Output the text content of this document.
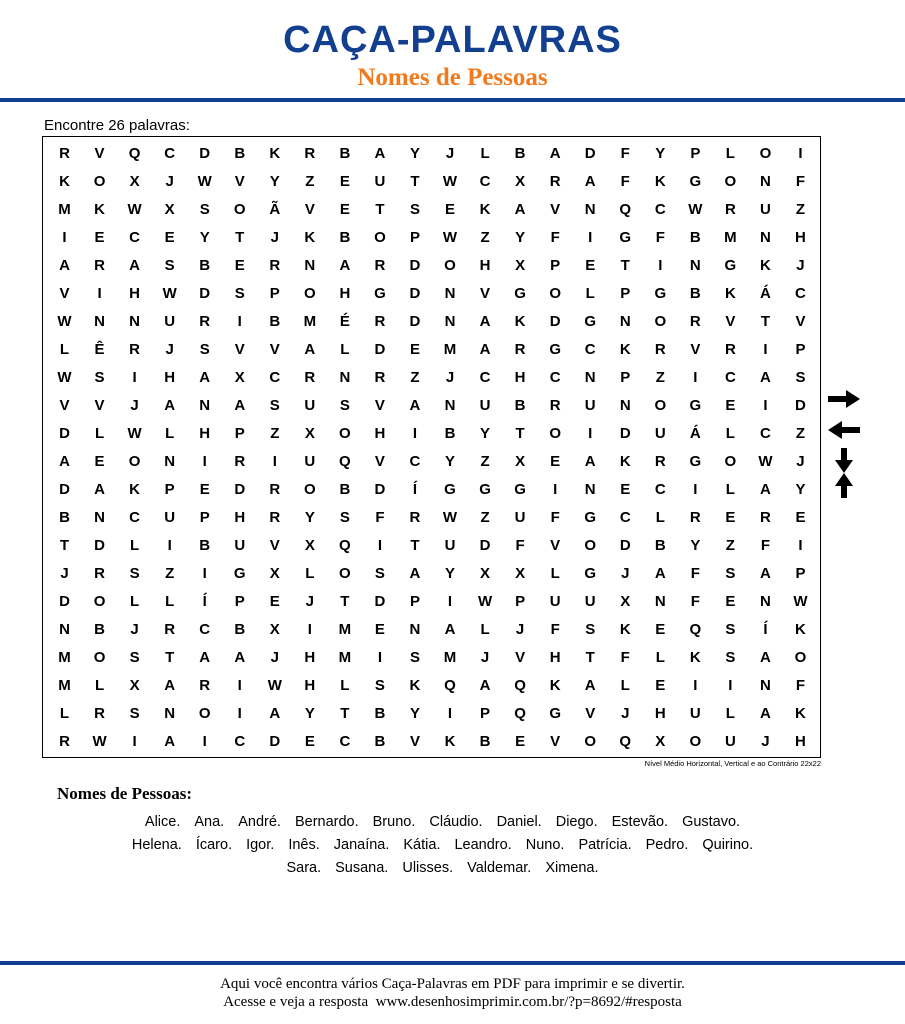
CAÇA-PALAVRAS
Nomes de Pessoas
Encontre 26 palavras:
R	V	Q	C	D	B	K	R	B	A	Y	J	L	B	A	D	F	Y	P	L	O	I
K	O	X	J	W	V	Y	Z	E	U	T	W	C	X	R	A	F	K	G	O	N	F
M	K	W	X	S	O	Ã	V	E	T	S	E	K	A	V	N	Q	C	W	R	U	Z
I	E	C	E	Y	T	J	K	B	O	P	W	Z	Y	F	I	G	F	B	M	N	H
A	R	A	S	B	E	R	N	A	R	D	O	H	X	P	E	T	I	N	G	K	J
V	I	H	W	D	S	P	O	H	G	D	N	V	G	O	L	P	G	B	K	Á	C
W	N	N	U	R	I	B	M	É	R	D	N	A	K	D	G	N	O	R	V	T	V
L	Ê	R	J	S	V	V	A	L	D	E	M	A	R	G	C	K	R	V	R	I	P
W	S	I	H	A	X	C	R	N	R	Z	J	C	H	C	N	P	Z	I	C	A	S
V	V	J	A	N	A	S	U	S	V	A	N	U	B	R	U	N	O	G	E	I	D
D	L	W	L	H	P	Z	X	O	H	I	B	Y	T	O	I	D	U	Á	L	C	Z
A	E	O	N	I	R	I	U	Q	V	C	Y	Z	X	E	A	K	R	G	O	W	J
D	A	K	P	E	D	R	O	B	D	Í	G	G	G	I	N	E	C	I	L	A	Y
B	N	C	U	P	H	R	Y	S	F	R	W	Z	U	F	G	C	L	R	E	R	E
T	D	L	I	B	U	V	X	Q	I	T	U	D	F	V	O	D	B	Y	Z	F	I
J	R	S	Z	I	G	X	L	O	S	A	Y	X	X	L	G	J	A	F	S	A	P
D	O	L	L	Í	P	E	J	T	D	P	I	W	P	U	U	X	N	F	E	N	W
N	B	J	R	C	B	X	I	M	E	N	A	L	J	F	S	K	E	Q	S	Í	K
M	O	S	T	A	A	J	H	M	I	S	M	J	V	H	T	F	L	K	S	A	O
M	L	X	A	R	I	W	H	L	S	K	Q	A	Q	K	A	L	E	I	I	N	F
L	R	S	N	O	I	A	Y	T	B	Y	I	P	Q	G	V	J	H	U	L	A	K
R	W	I	A	I	C	D	E	C	B	V	K	B	E	V	O	Q	X	O	U	J	H
Nível Médio Horizontal, Vertical e ao Contrário 22x22
Nomes de Pessoas:
Alice. Ana. André. Bernardo. Bruno. Cláudio. Daniel. Diego. Estevão. Gustavo.
Helena. Ícaro. Igor. Inês. Janaína. Kátia. Leandro. Nuno. Patrícia. Pedro. Quirino.
Sara. Susana. Ulisses. Valdemar. Ximena.
Aqui você encontra vários Caça-Palavras em PDF para imprimir e se divertir.
Acesse e veja a resposta  www.desenhosimprimir.com.br/?p=8692/#resposta
